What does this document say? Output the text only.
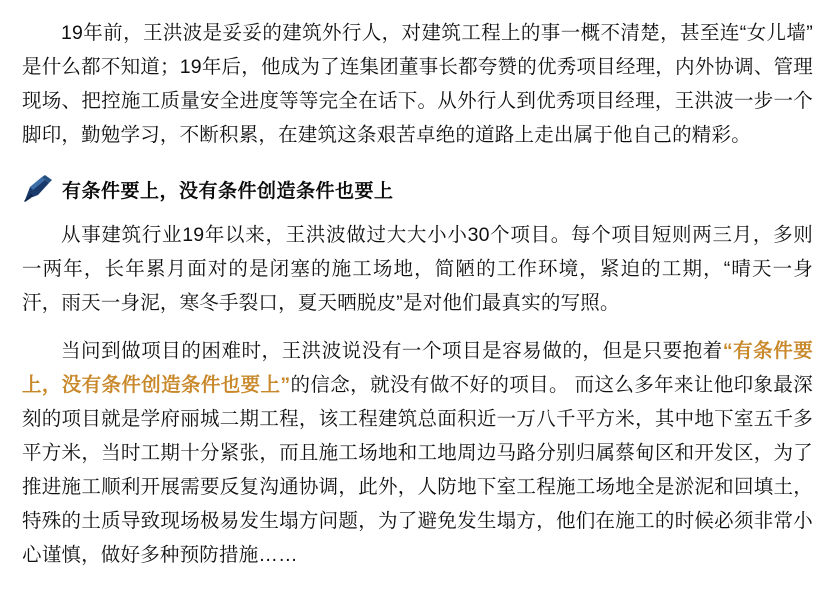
19年前，王洪波是妥妥的建筑外行人，对建筑工程上的事一概不清楚，甚至连“女儿墙” 是什么都不知道；19年后，他成为了连集团董事长都夸赞的优秀项目经理，内外协调、管理现场、把控施工质量安全进度等等完全在话下。从外行人到优秀项目经理，王洪波一步一个脚印，勤勉学习，不断积累，在建筑这条艰苦卓绝的道路上走出属于他自己的精彩。

有条件要上，没有条件创造条件也要上

从事建筑行业19年以来，王洪波做过大大小小30个项目。每个项目短则两三月，多则一两年，长年累月面对的是闭塞的施工场地，简陋的工作环境，紧迫的工期，“晴天一身汗，雨天一身泥，寒冬手裂口，夏天晒脱皮”是对他们最真实的写照。

当问到做项目的困难时，王洪波说没有一个项目是容易做的，但是只要抱着“有条件要上，没有条件创造条件也要上”的信念，就没有做不好的项目。 而这么多年来让他印象最深刻的项目就是学府丽城二期工程，该工程建筑总面积近一万八千平方米，其中地下室五千多平方米，当时工期十分紧张，而且施工场地和工地周边马路分别归属蔡甸区和开发区，为了推进施工顺利开展需要反复沟通协调，此外，人防地下室工程施工场地全是淤泥和回填土，特殊的土质导致现场极易发生塌方问题，为了避免发生塌方，他们在施工的时候必须非常小心谨慎，做好多种预防措施……
